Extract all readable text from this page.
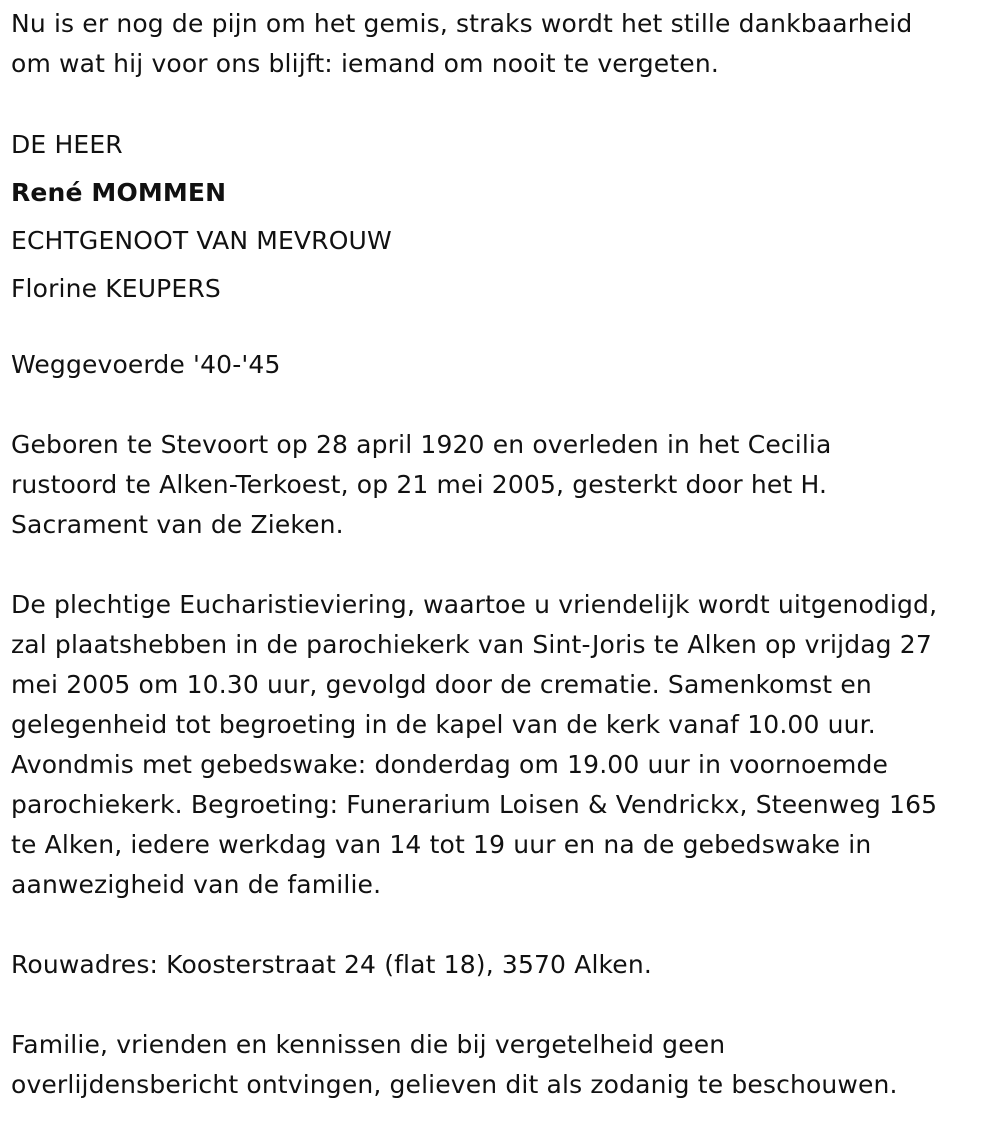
Nu is er nog de pijn om het gemis, straks wordt het stille dankbaarheid
om wat hij voor ons blijft: iemand om nooit te vergeten.

DE HEER
René MOMMEN
ECHTGENOOT VAN MEVROUW
Florine KEUPERS

Weggevoerde '40-'45

Geboren te Stevoort op 28 april 1920 en overleden in het Cecilia
rustoord te Alken-Terkoest, op 21 mei 2005, gesterkt door het H.
Sacrament van de Zieken.

De plechtige Eucharistieviering, waartoe u vriendelijk wordt uitgenodigd,
zal plaatshebben in de parochiekerk van Sint-Joris te Alken op vrijdag 27
mei 2005 om 10.30 uur, gevolgd door de crematie. Samenkomst en
gelegenheid tot begroeting in de kapel van de kerk vanaf 10.00 uur.
Avondmis met gebedswake: donderdag om 19.00 uur in voornoemde
parochiekerk. Begroeting: Funerarium Loisen & Vendrickx, Steenweg 165
te Alken, iedere werkdag van 14 tot 19 uur en na de gebedswake in
aanwezigheid van de familie.

Rouwadres: Koosterstraat 24 (flat 18), 3570 Alken.

Familie, vrienden en kennissen die bij vergetelheid geen
overlijdensbericht ontvingen, gelieven dit als zodanig te beschouwen.
